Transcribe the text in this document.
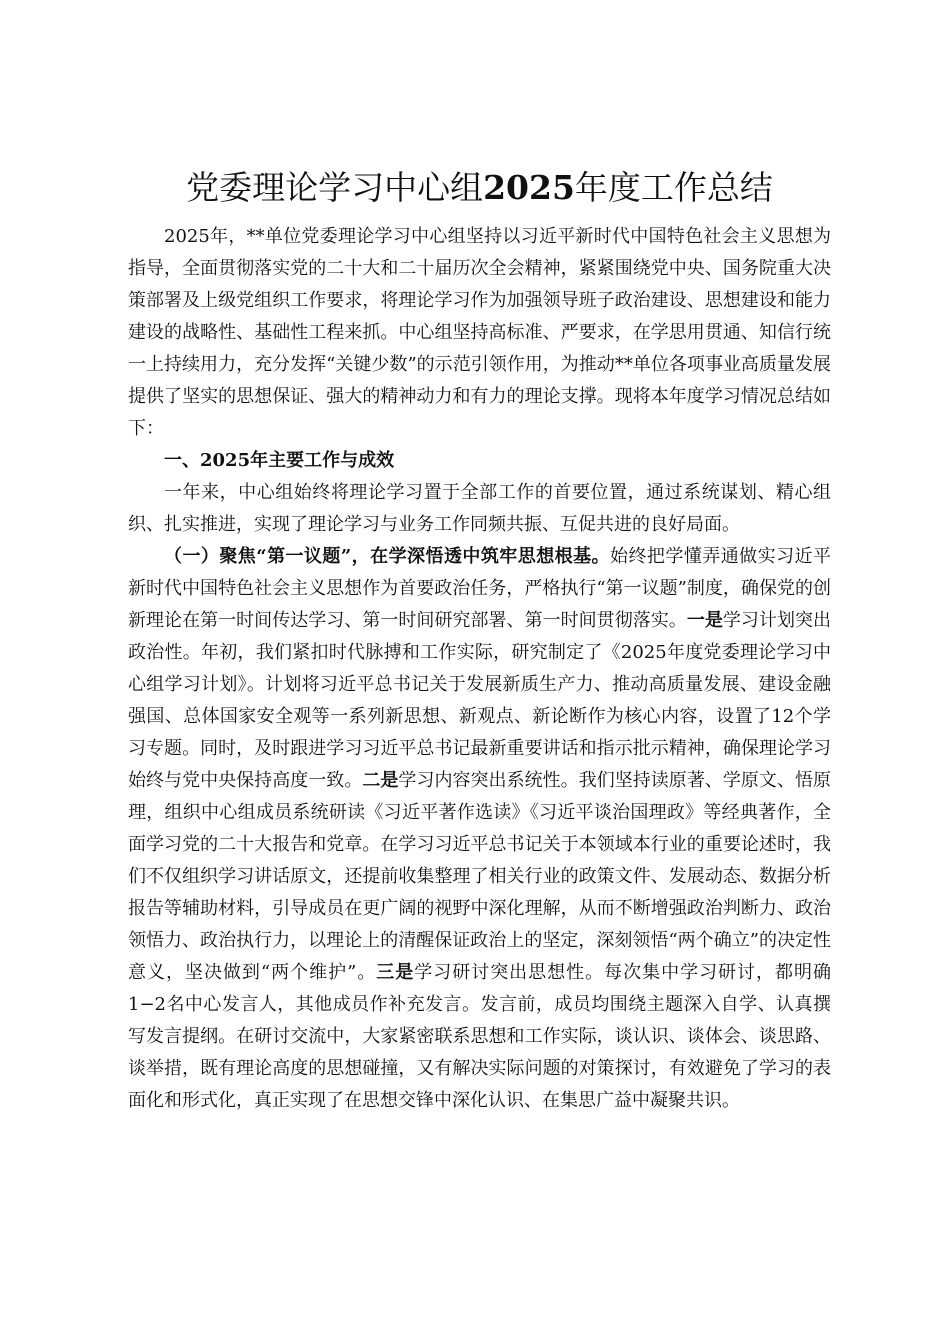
党委理论学习中心组2025年度工作总结

2025年，**单位党委理论学习中心组坚持以习近平新时代中国特色社会主义思想为指导，全面贯彻落实党的二十大和二十届历次全会精神，紧紧围绕党中央、国务院重大决策部署及上级党组织工作要求，将理论学习作为加强领导班子政治建设、思想建设和能力建设的战略性、基础性工程来抓。中心组坚持高标准、严要求，在学思用贯通、知信行统一上持续用力，充分发挥“关键少数”的示范引领作用，为推动**单位各项事业高质量发展提供了坚实的思想保证、强大的精神动力和有力的理论支撑。现将本年度学习情况总结如下：

一、2025年主要工作与成效

一年来，中心组始终将理论学习置于全部工作的首要位置，通过系统谋划、精心组织、扎实推进，实现了理论学习与业务工作同频共振、互促共进的良好局面。

（一）聚焦“第一议题”，在学深悟透中筑牢思想根基。始终把学懂弄通做实习近平新时代中国特色社会主义思想作为首要政治任务，严格执行“第一议题”制度，确保党的创新理论在第一时间传达学习、第一时间研究部署、第一时间贯彻落实。一是学习计划突出政治性。年初，我们紧扣时代脉搏和工作实际，研究制定了《2025年度党委理论学习中心组学习计划》。计划将习近平总书记关于发展新质生产力、推动高质量发展、建设金融强国、总体国家安全观等一系列新思想、新观点、新论断作为核心内容，设置了12个学习专题。同时，及时跟进学习习近平总书记最新重要讲话和指示批示精神，确保理论学习始终与党中央保持高度一致。二是学习内容突出系统性。我们坚持读原著、学原文、悟原理，组织中心组成员系统研读《习近平著作选读》《习近平谈治国理政》等经典著作，全面学习党的二十大报告和党章。在学习习近平总书记关于本领域本行业的重要论述时，我们不仅组织学习讲话原文，还提前收集整理了相关行业的政策文件、发展动态、数据分析报告等辅助材料，引导成员在更广阔的视野中深化理解，从而不断增强政治判断力、政治领悟力、政治执行力，以理论上的清醒保证政治上的坚定，深刻领悟“两个确立”的决定性意义，坚决做到“两个维护”。三是学习研讨突出思想性。每次集中学习研讨，都明确1−2名中心发言人，其他成员作补充发言。发言前，成员均围绕主题深入自学、认真撰写发言提纲。在研讨交流中，大家紧密联系思想和工作实际，谈认识、谈体会、谈思路、谈举措，既有理论高度的思想碰撞，又有解决实际问题的对策探讨，有效避免了学习的表面化和形式化，真正实现了在思想交锋中深化认识、在集思广益中凝聚共识。
